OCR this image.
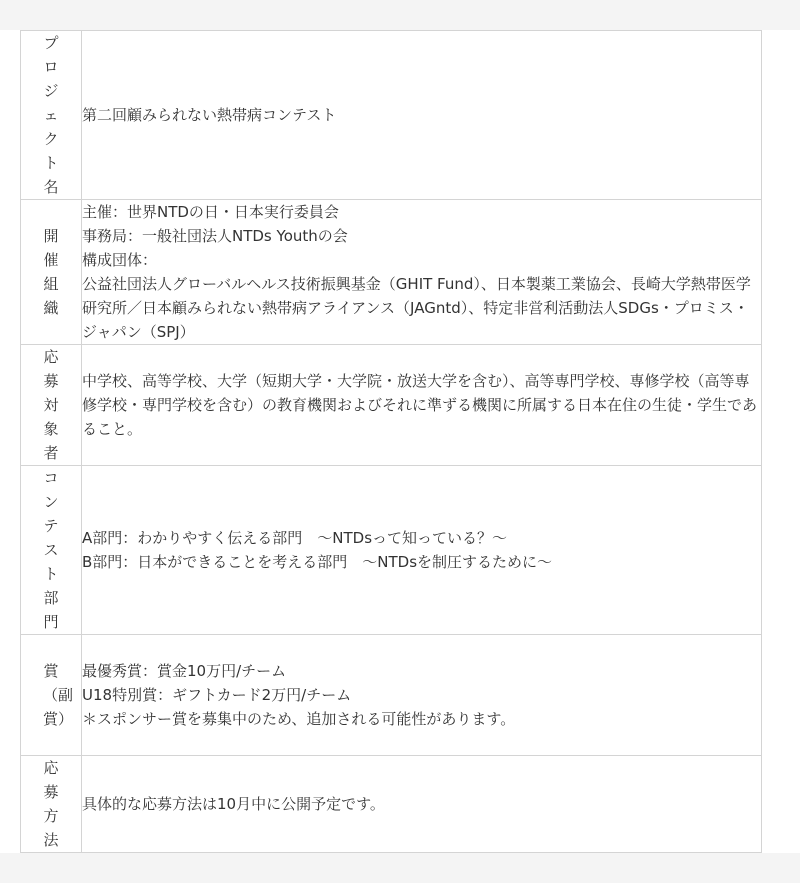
プロジェクト名	第二回顧みられない熱帯病コンテスト

開催組織	主催：世界NTDの日・日本実行委員会
事務局：一般社団法人NTDs Youthの会
構成団体：
公益社団法人グローバルヘルス技術振興基金（GHIT Fund）、日本製薬工業協会、長崎大学熱帯医学研究所／日本顧みられない熱帯病アライアンス（JAGntd）、特定非営利活動法人SDGs・プロミス・ジャパン（SPJ）

応募対象者	中学校、高等学校、大学（短期大学・大学院・放送大学を含む）、高等専門学校、専修学校（高等専修学校・専門学校を含む）の教育機関およびそれに準ずる機関に所属する日本在住の生徒・学生であること。

コンテスト部門	A部門：わかりやすく伝える部門　～NTDsって知っている？～
B部門：日本ができることを考える部門　～NTDsを制圧するために～

賞（副賞）	最優秀賞：賞金10万円/チーム
U18特別賞：ギフトカード2万円/チーム
＊スポンサー賞を募集中のため、追加される可能性があります。

応募方法	具体的な応募方法は10月中に公開予定です。
